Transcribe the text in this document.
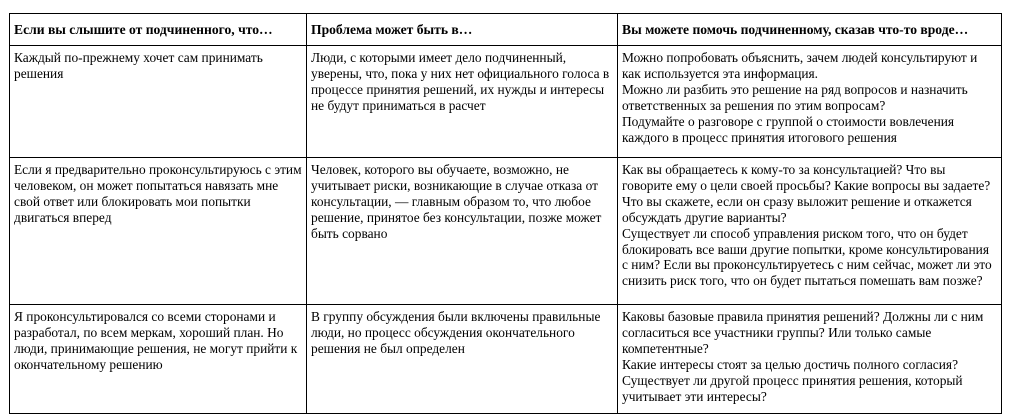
Если вы слышите от подчиненного, что…	Проблема может быть в…	Вы можете помочь подчиненному, сказав что-то вроде…
Каждый по-прежнему хочет сам принимать решения	Люди, с которыми имеет дело подчиненный, уверены, что, пока у них нет официального голоса в процессе принятия решений, их нужды и интересы не будут приниматься в расчет	Можно попробовать объяснить, зачем людей консультируют и как используется эта информация.

Можно ли разбить это решение на ряд вопросов и назначить ответственных за решения по этим вопросам?

Подумайте о разговоре с группой о стоимости вовлечения каждого в процесс принятия итогового решения

Если я предварительно проконсультируюсь с этим человеком, он может попытаться навязать мне свой ответ или блокировать мои попытки двигаться вперед	Человек, которого вы обучаете, возможно, не учитывает риски, возникающие в случае отказа от консультации, — главным образом то, что любое решение, принятое без консультации, позже может быть сорвано	Как вы обращаетесь к кому-то за консультацией? Что вы говорите ему о цели своей просьбы? Какие вопросы вы задаете? Что вы скажете, если он сразу выложит решение и откажется обсуждать другие варианты?

Существует ли способ управления риском того, что он будет блокировать все ваши другие попытки, кроме консультирования с ним? Если вы проконсультируетесь с ним сейчас, может ли это снизить риск того, что он будет пытаться помешать вам позже?

Я проконсультировался со всеми сторонами и разработал, по всем меркам, хороший план. Но люди, принимающие решения, не могут прийти к окончательному решению	В группу обсуждения были включены правильные люди, но процесс обсуждения окончательного решения не был определен	Каковы базовые правила принятия решений? Должны ли с ним согласиться все участники группы? Или только самые компетентные?

Какие интересы стоят за целью достичь полного согласия?

Существует ли другой процесс принятия решения, который учитывает эти интересы?
